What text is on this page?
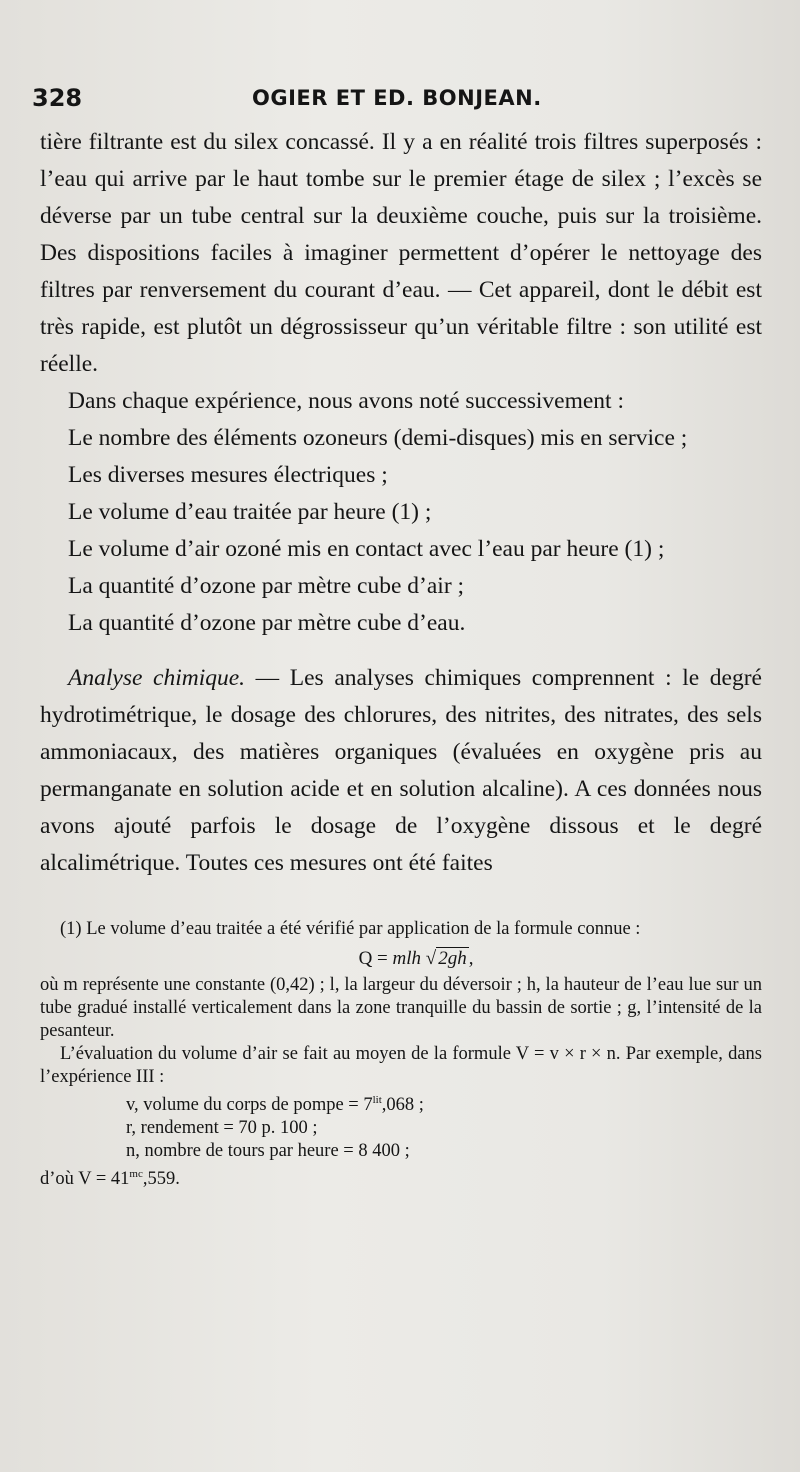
328	OGIER ET ED. BONJEAN.

tière filtrante est du silex concassé. Il y a en réalité trois filtres superposés : l’eau qui arrive par le haut tombe sur le premier étage de silex ; l’excès se déverse par un tube central sur la deuxième couche, puis sur la troisième. Des dispositions faciles à imaginer permettent d’opérer le nettoyage des filtres par renversement du courant d’eau. — Cet appareil, dont le débit est très rapide, est plutôt un dégrossisseur qu’un véritable filtre : son utilité est réelle.

Dans chaque expérience, nous avons noté successivement :

Le nombre des éléments ozoneurs (demi-disques) mis en service ;

Les diverses mesures électriques ;

Le volume d’eau traitée par heure (1) ;

Le volume d’air ozoné mis en contact avec l’eau par heure (1) ;

La quantité d’ozone par mètre cube d’air ;

La quantité d’ozone par mètre cube d’eau.

Analyse chimique. — Les analyses chimiques comprennent : le degré hydrotimétrique, le dosage des chlorures, des nitrites, des nitrates, des sels ammoniacaux, des matières organiques (évaluées en oxygène pris au permanganate en solution acide et en solution alcaline). A ces données nous avons ajouté parfois le dosage de l’oxygène dissous et le degré alcalimétrique. Toutes ces mesures ont été faites

(1) Le volume d’eau traitée a été vérifié par application de la formule connue :

Q = mlh √ 2gh ,

où m représente une constante (0,42) ; l, la largeur du déversoir ; h, la hauteur de l’eau lue sur un tube gradué installé verticalement dans la zone tranquille du bassin de sortie ; g, l’intensité de la pesanteur.

L’évaluation du volume d’air se fait au moyen de la formule V = v × r × n. Par exemple, dans l’expérience III :

v, volume du corps de pompe = $7^{lit},068$ ;

r, rendement = 70 p. 100 ;

n, nombre de tours par heure = 8 400 ;

d’où $V = 41^{mc},559$.
